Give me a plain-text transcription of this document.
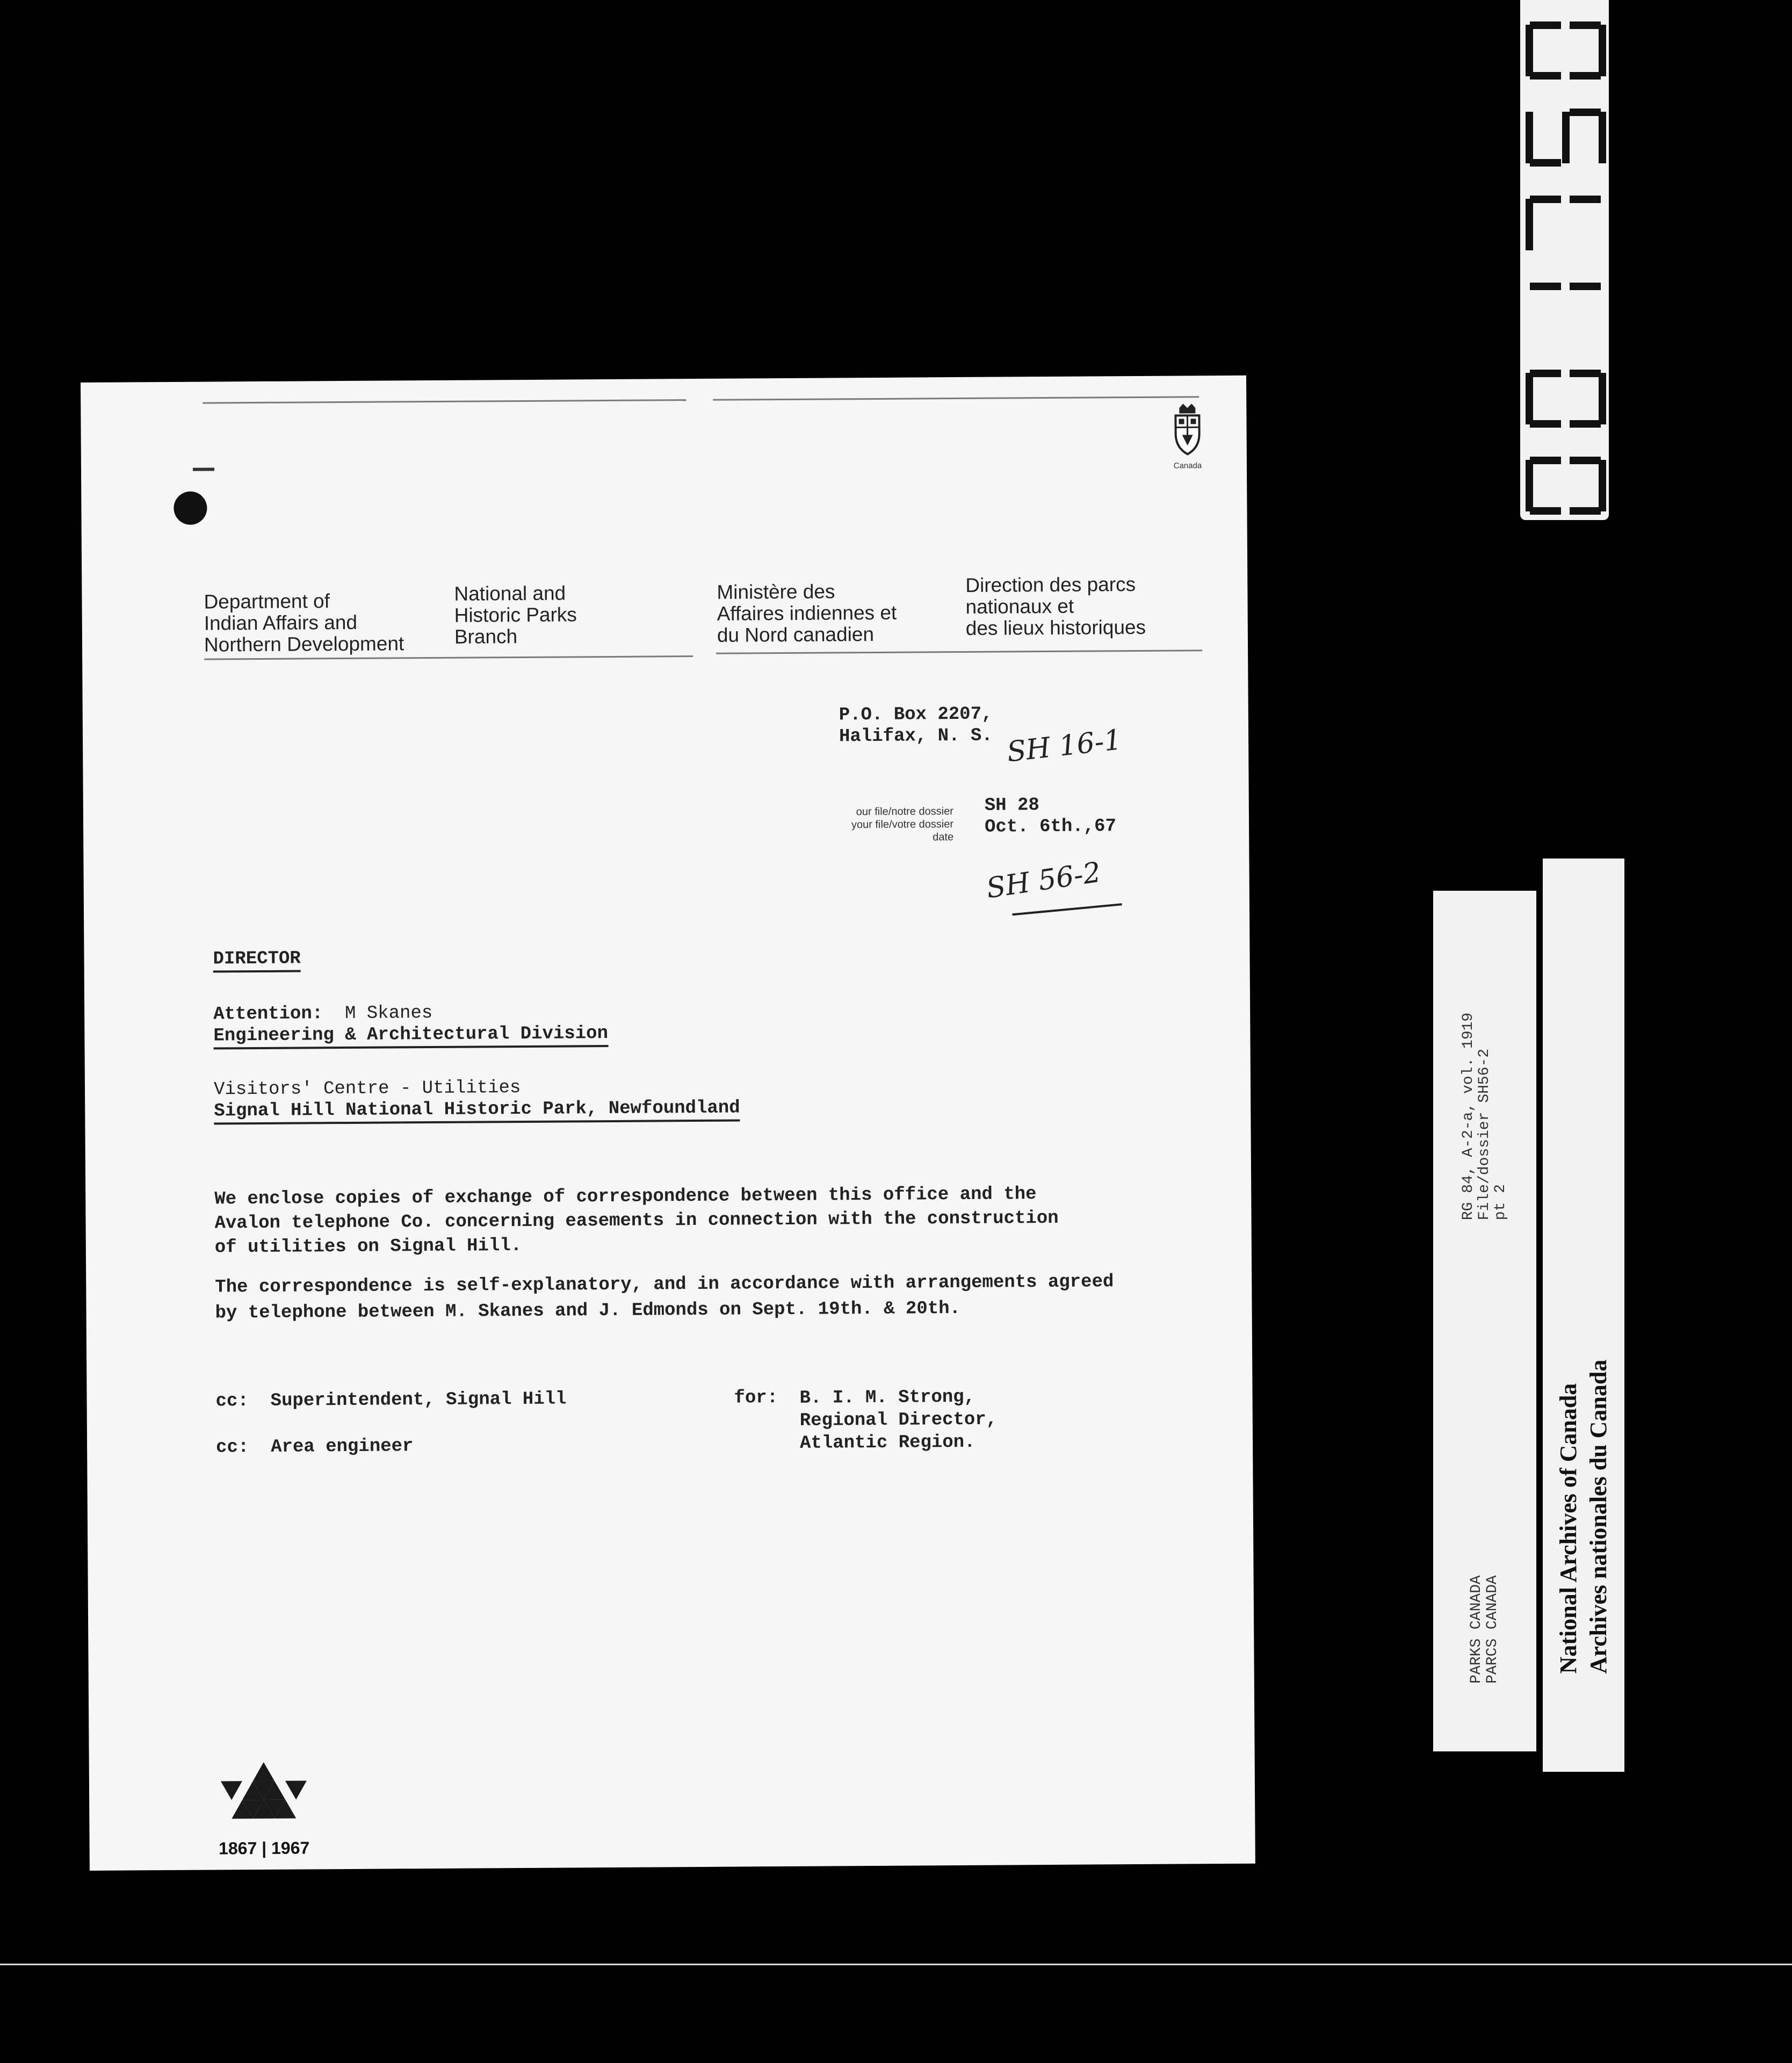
Canada
Department of
Indian Affairs and
Northern Development
National and
Historic Parks
Branch
Ministère des
Affaires indiennes et
du Nord canadien
Direction des parcs
nationaux et
des lieux historiques
P.O. Box 2207,
Halifax, N. S. SH 16-1
our file/notre dossier
your file/votre dossier
date
SH 28
Oct. 6th.,67
SH 56-2
DIRECTOR
Attention: M Skanes
Engineering & Architectural Division
Visitors' Centre - Utilities
Signal Hill National Historic Park, Newfoundland
We enclose copies of exchange of correspondence between this office and the
Avalon telephone Co. concerning easements in connection with the construction
of utilities on Signal Hill.
The correspondence is self-explanatory, and in accordance with arrangements agreed
by telephone between M. Skanes and J. Edmonds on Sept. 19th. & 20th.
cc: Superintendent, Signal Hill
cc: Area engineer
for: B. I. M. Strong,
Regional Director,
Atlantic Region.
1867 | 1967
RG 84, A-2-a, vol. 1919 File/dossier SH56-2 pt 2
PARKS CANADA PARCS CANADA National Archives of Canada Archives nationales du Canada
